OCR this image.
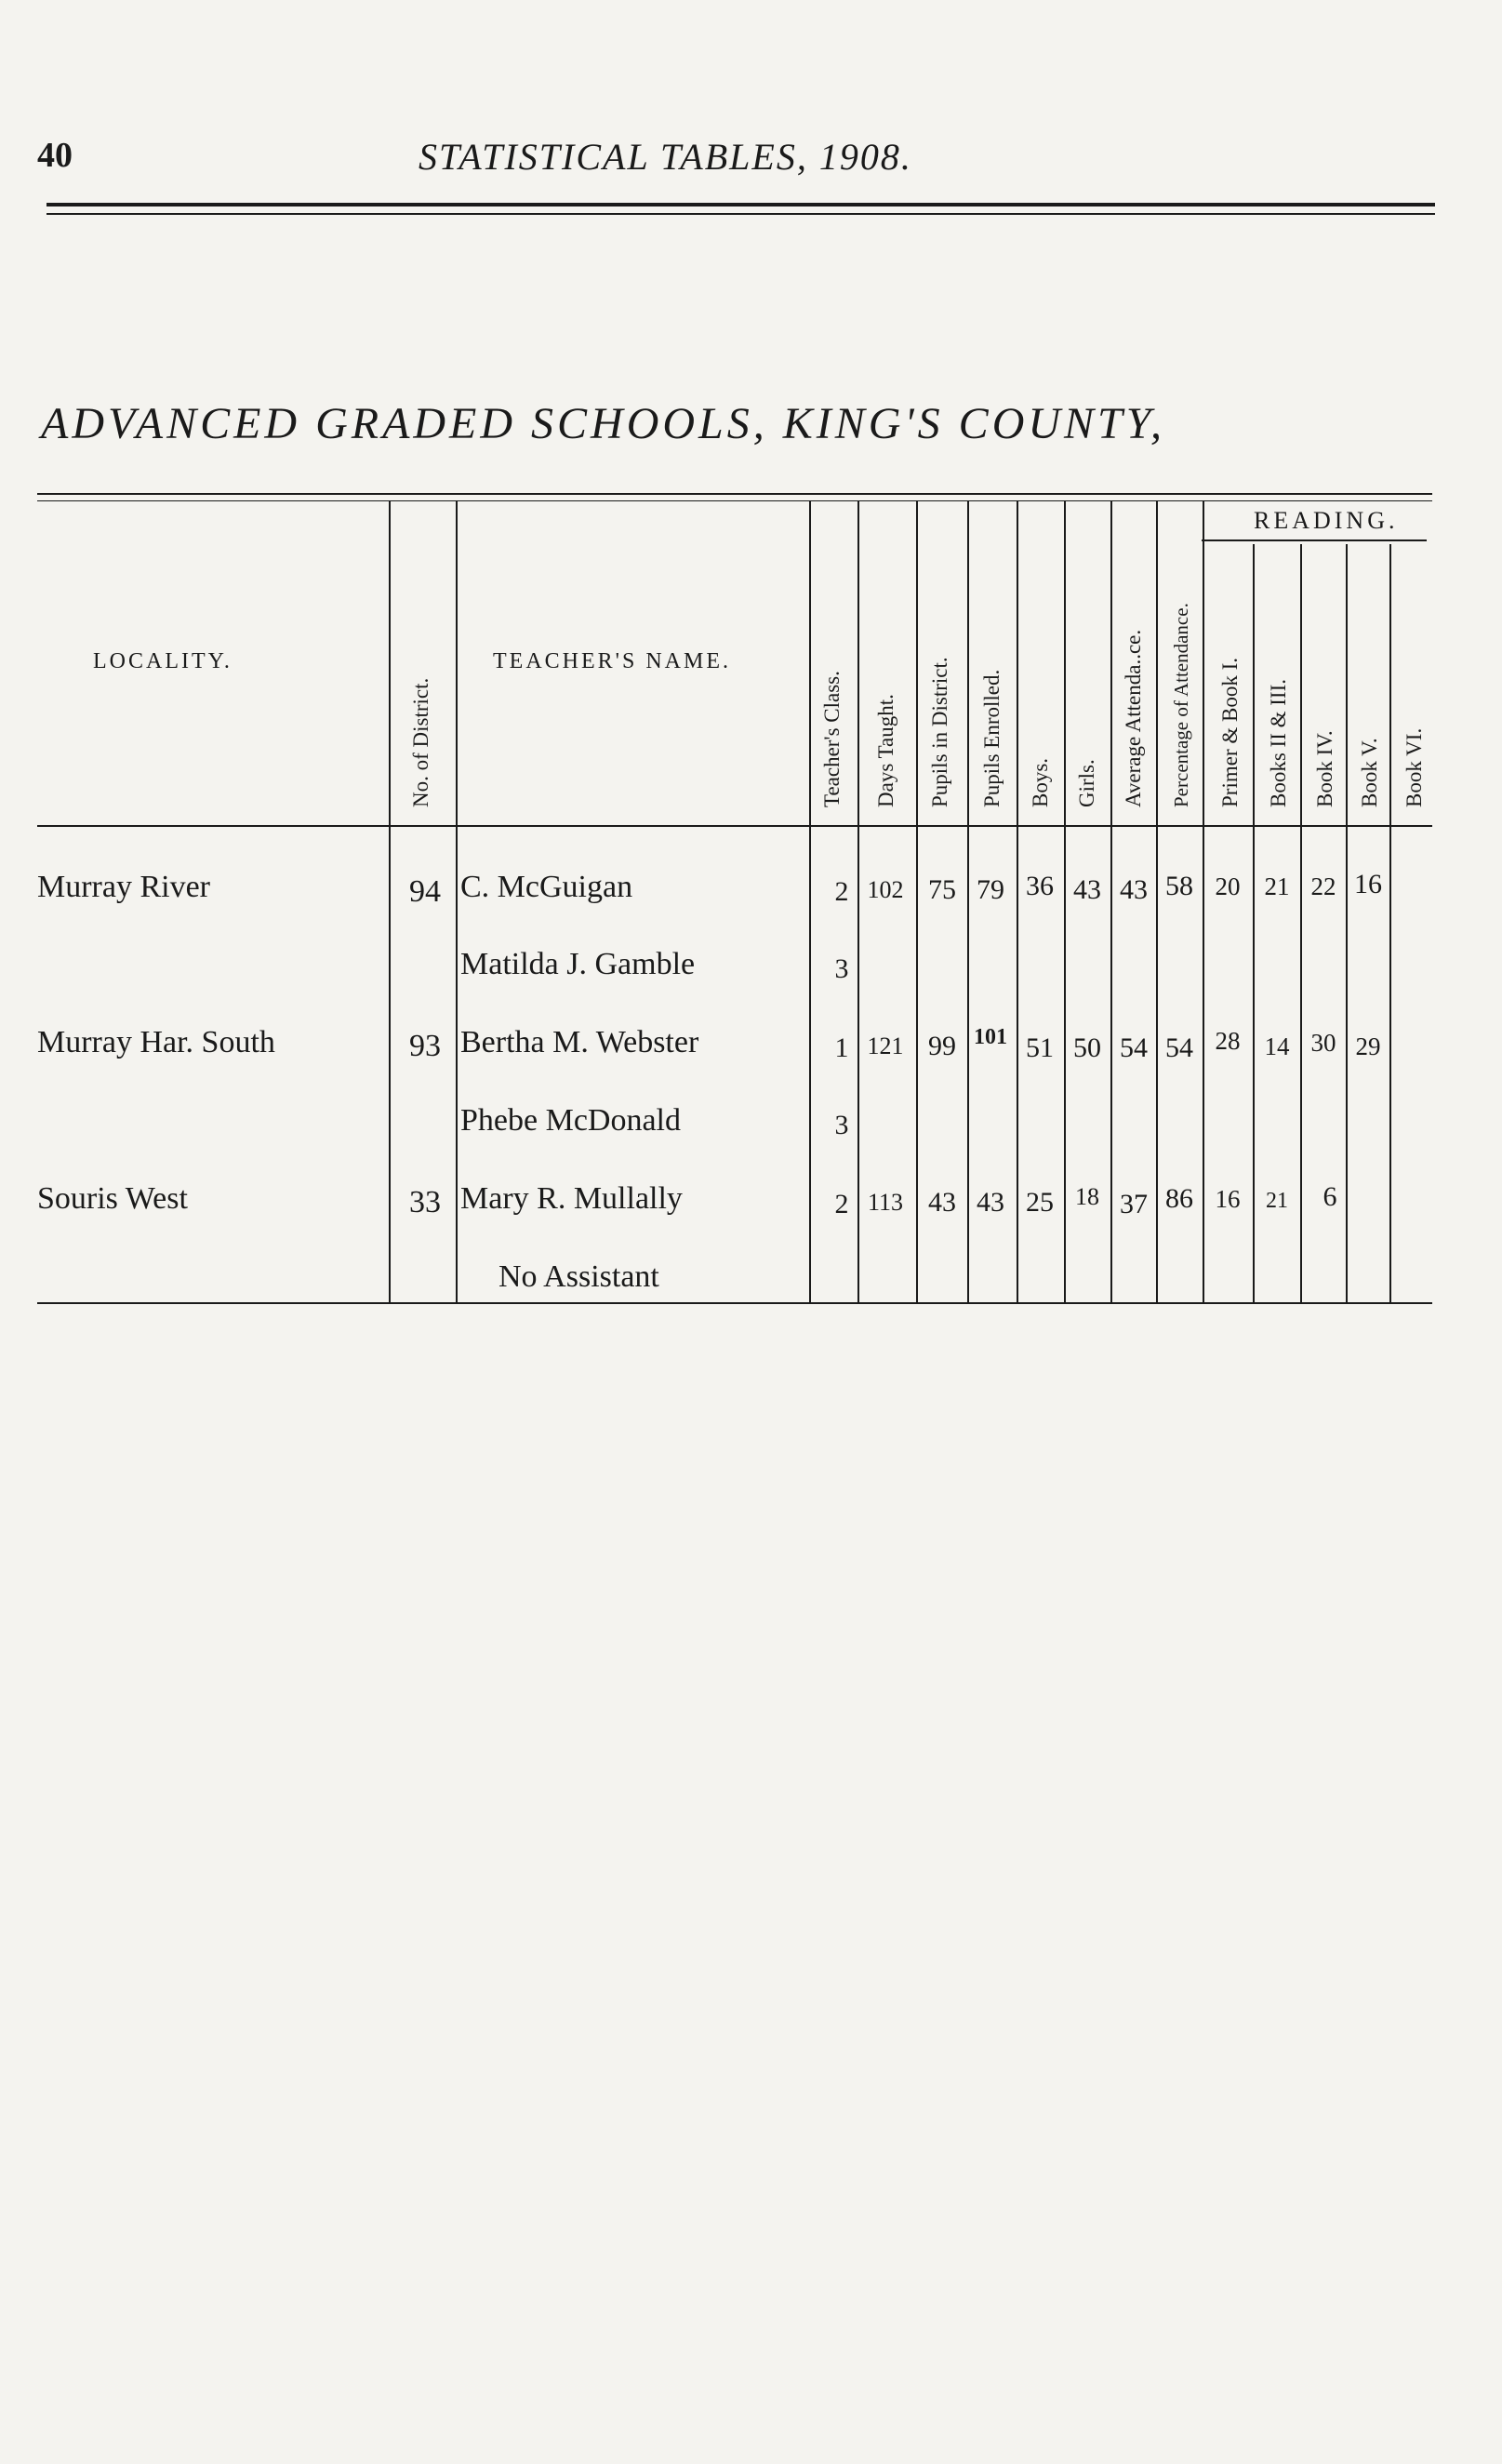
40	STATISTICAL TABLES, 1908.
ADVANCED GRADED SCHOOLS, KING'S COUNTY,
LOCALITY.	TEACHER'S NAME.
READING.
No. of District.	Teacher's Class. Days Taught. Pupils in District. Pupils Enrolled. Boys. Girls. Average Attenda..ce. Percentage of Attendance. Primer & Book I. Books II & III. Book IV. Book V. Book VI.
Murray River	94 C. McGuigan	2 102 75 79 36 43 43 58 20 21 22 16
Matilda J. Gamble	3
Murray Har. South	93 Bertha M. Webster	1 121 99 101 51 50 54 54 28 14 30 29
Phebe McDonald	3
Souris West	33 Mary R. Mullally	2 113 43 43 25 18 37 86 16	21	6
No Assistant
